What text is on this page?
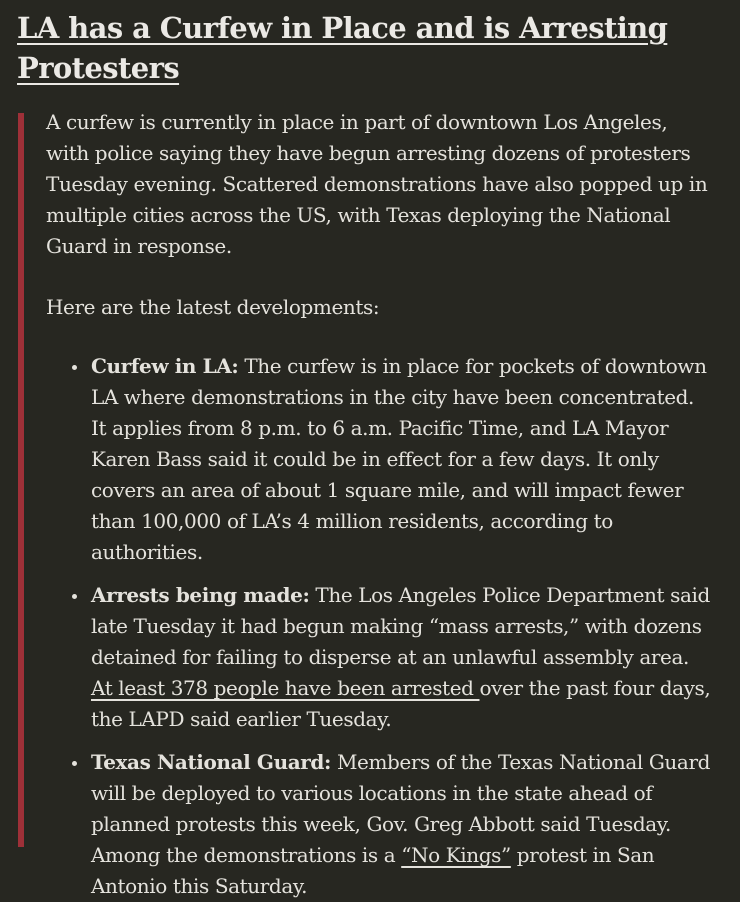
LA has a Curfew in Place and is Arresting Protesters

A curfew is currently in place in part of downtown Los Angeles, with police saying they have begun arresting dozens of protesters Tuesday evening. Scattered demonstrations have also popped up in multiple cities across the US, with Texas deploying the National Guard in response.

Here are the latest developments:

• Curfew in LA: The curfew is in place for pockets of downtown LA where demonstrations in the city have been concentrated. It applies from 8 p.m. to 6 a.m. Pacific Time, and LA Mayor Karen Bass said it could be in effect for a few days. It only covers an area of about 1 square mile, and will impact fewer than 100,000 of LA’s 4 million residents, according to authorities.
• Arrests being made: The Los Angeles Police Department said late Tuesday it had begun making “mass arrests,” with dozens detained for failing to disperse at an unlawful assembly area. At least 378 people have been arrested over the past four days, the LAPD said earlier Tuesday.
• Texas National Guard: Members of the Texas National Guard will be deployed to various locations in the state ahead of planned protests this week, Gov. Greg Abbott said Tuesday. Among the demonstrations is a “No Kings” protest in San Antonio this Saturday.
